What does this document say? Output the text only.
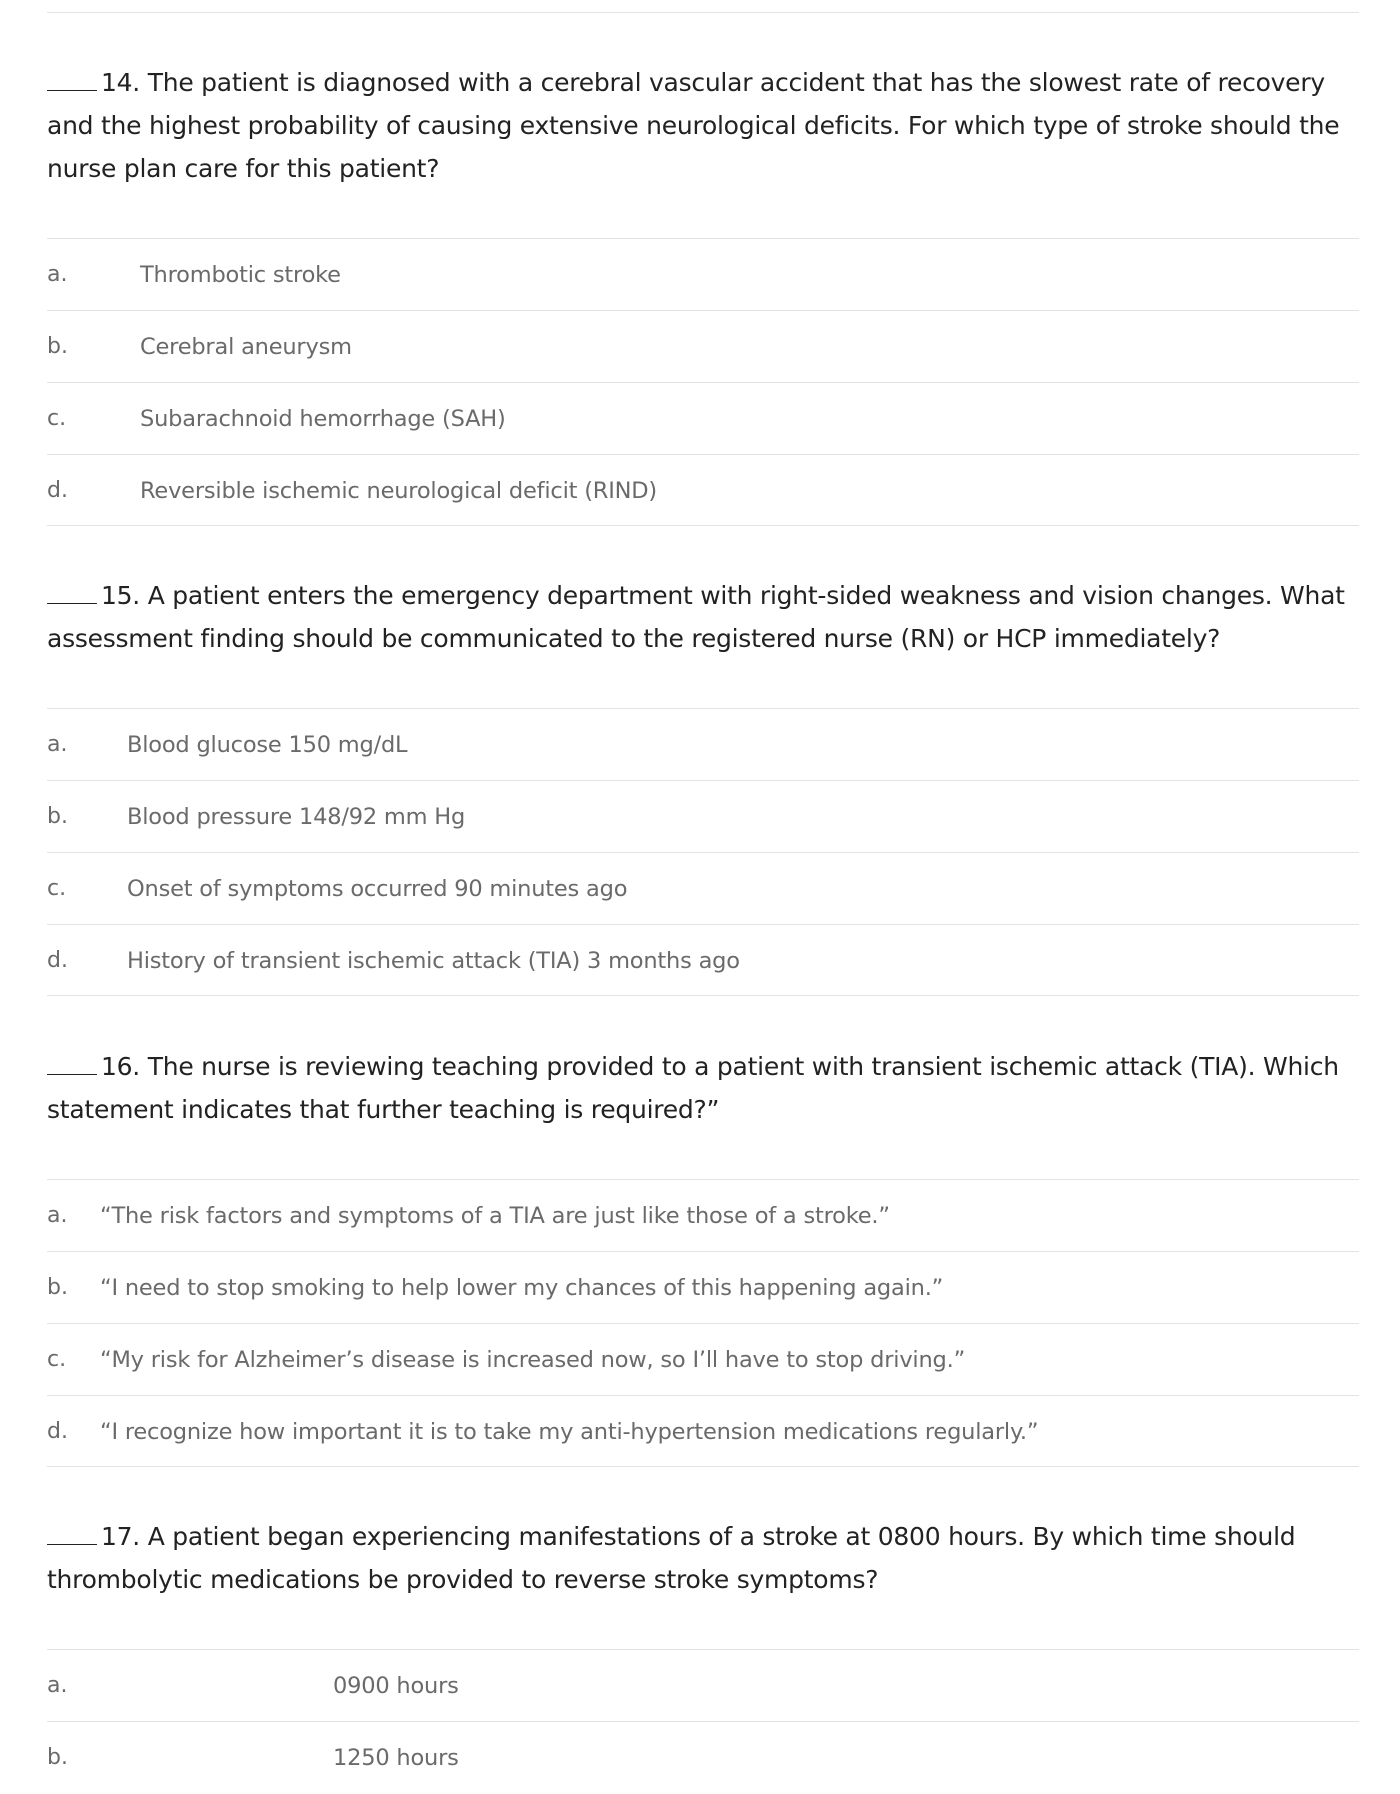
14. The patient is diagnosed with a cerebral vascular accident that has the slowest rate of recovery and the highest probability of causing extensive neurological deficits. For which type of stroke should the nurse plan care for this patient?
a.	Thrombotic stroke
b.	Cerebral aneurysm
c.	Subarachnoid hemorrhage (SAH)
d.	Reversible ischemic neurological deficit (RIND)
15. A patient enters the emergency department with right-sided weakness and vision changes. What assessment finding should be communicated to the registered nurse (RN) or HCP immediately?
a.	Blood glucose 150 mg/dL
b.	Blood pressure 148/92 mm Hg
c.	Onset of symptoms occurred 90 minutes ago
d.	History of transient ischemic attack (TIA) 3 months ago
16. The nurse is reviewing teaching provided to a patient with transient ischemic attack (TIA). Which statement indicates that further teaching is required?”
a. “The risk factors and symptoms of a TIA are just like those of a stroke.”
b. “I need to stop smoking to help lower my chances of this happening again.”
c. “My risk for Alzheimer’s disease is increased now, so I’ll have to stop driving.”
d. “I recognize how important it is to take my anti-hypertension medications regularly.”
17. A patient began experiencing manifestations of a stroke at 0800 hours. By which time should thrombolytic medications be provided to reverse stroke symptoms?
a.	0900 hours
b.	1250 hours
